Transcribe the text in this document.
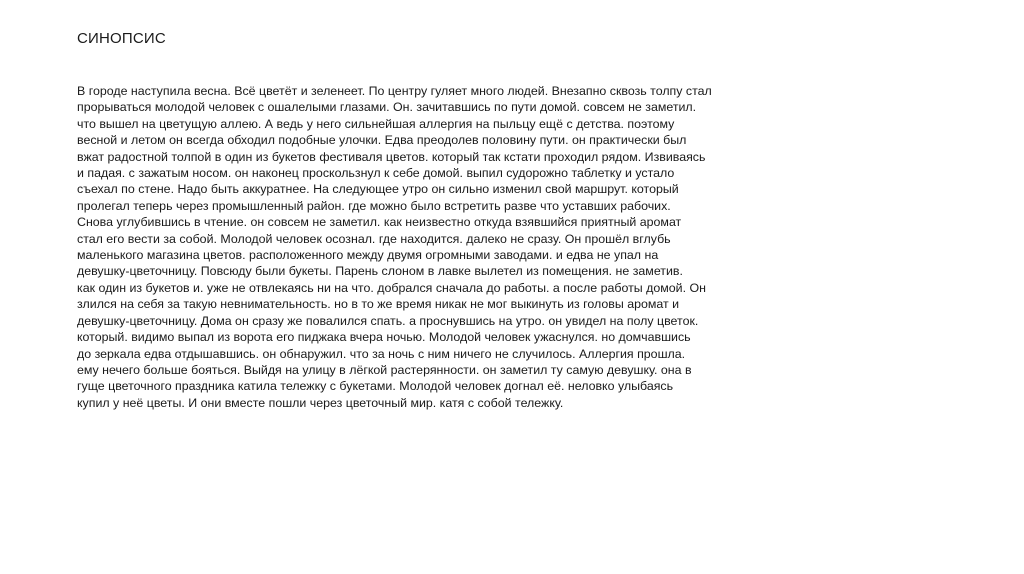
СИНОПСИС
В городе наступила весна. Всё цветёт и зеленеет. По центру гуляет много людей. Внезапно сквозь толпу стал
прорываться молодой человек с ошалелыми глазами. Он. зачитавшись по пути домой. совсем не заметил.
что вышел на цветущую аллею. А ведь у него сильнейшая аллергия на пыльцу ещё с детства. поэтому
весной и летом он всегда обходил подобные улочки. Едва преодолев половину пути. он практически был
вжат радостной толпой в один из букетов фестиваля цветов. который так кстати проходил рядом. Извиваясь
и падая. с зажатым носом. он наконец проскользнул к себе домой. выпил судорожно таблетку и устало
съехал по стене. Надо быть аккуратнее. На следующее утро он сильно изменил свой маршрут. который
пролегал теперь через промышленный район. где можно было встретить разве что уставших рабочих.
Снова углубившись в чтение. он совсем не заметил. как неизвестно откуда взявшийся приятный аромат
стал его вести за собой. Молодой человек осознал. где находится. далеко не сразу. Он прошёл вглубь
маленького магазина цветов. расположенного между двумя огромными заводами. и едва не упал на
девушку-цветочницу. Повсюду были букеты. Парень слоном в лавке вылетел из помещения. не заметив.
как один из букетов и. уже не отвлекаясь ни на что. добрался сначала до работы. а после работы домой. Он
злился на себя за такую невнимательность. но в то же время никак не мог выкинуть из головы аромат и
девушку-цветочницу. Дома он сразу же повалился спать. а проснувшись на утро. он увидел на полу цветок.
который. видимо выпал из ворота его пиджака вчера ночью. Молодой человек ужаснулся. но домчавшись
до зеркала едва отдышавшись. он обнаружил. что за ночь с ним ничего не случилось. Аллергия прошла.
ему нечего больше бояться. Выйдя на улицу в лёгкой растерянности. он заметил ту самую девушку. она в
гуще цветочного праздника катила тележку с букетами. Молодой человек догнал её. неловко улыбаясь
купил у неё цветы. И они вместе пошли через цветочный мир. катя с собой тележку.
